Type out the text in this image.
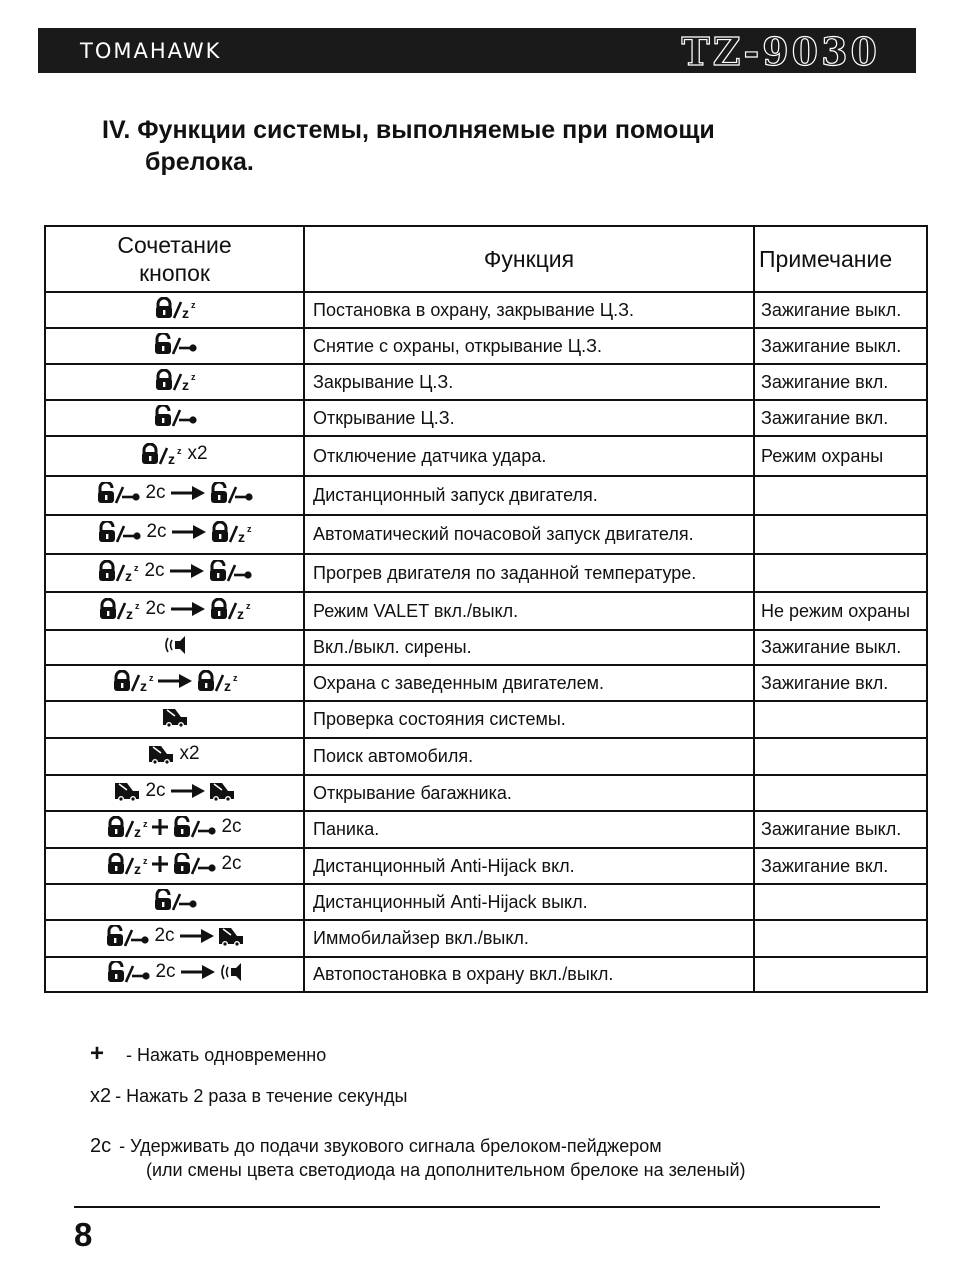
TOMAHAWK	TZ-9030
IV. Функции системы, выполняемые при помощи
брелока.
Сочетание
кнопок	Функция	Примечание

z z	Постановка в охрану, закрывание Ц.З.	Зажигание выкл.

	Снятие с охраны, открывание Ц.З.	Зажигание выкл.

z z	Закрывание Ц.З.	Зажигание вкл.

	Открывание Ц.З.	Зажигание вкл.

z z x2	Отключение датчика удара.	Режим охраны

2с	Дистанционный запуск двигателя.	

2с z z	Автоматический почасовой запуск двигателя.	

z z 2с	Прогрев двигателя по заданной температуре.	

z z 2с z z	Режим VALET вкл./выкл.	Не режим охраны

	Вкл./выкл. сирены.	Зажигание выкл.

z z z z	Охрана с заведенным двигателем.	Зажигание вкл.

	Проверка состояния системы.	

x2	Поиск автомобиля.	

2с	Открывание багажника.	

z z 2с	Паника.	Зажигание выкл.

z z 2с	Дистанционный Anti-Hijack вкл.	Зажигание вкл.

	Дистанционный Anti-Hijack выкл.	

2с	Иммобилайзер вкл./выкл.	

2с	Автопостановка в охрану вкл./выкл.	
+ - Нажать одновременно
x2 - Нажать 2 раза в течение секунды
2с - Удерживать до подачи звукового сигнала брелоком-пейджером
(или смены цвета светодиода на дополнительном брелоке на зеленый)
8
